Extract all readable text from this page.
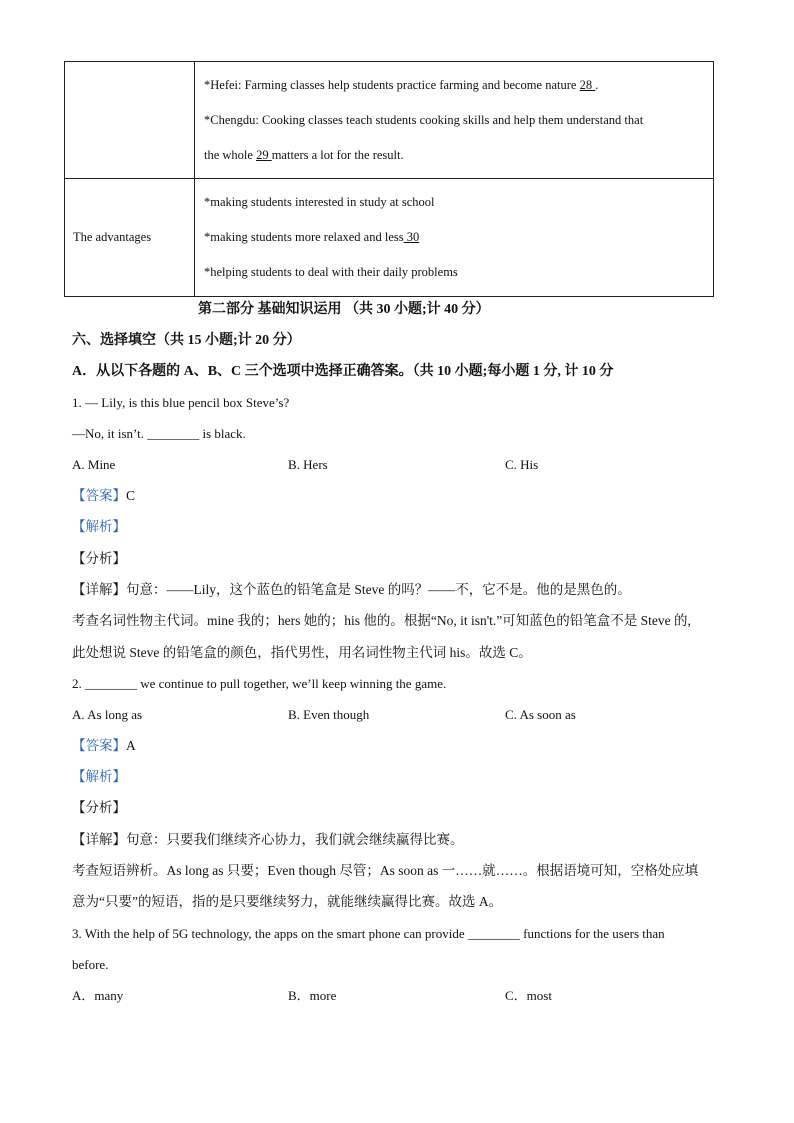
	*Hefei: Farming classes help students practice farming and become nature 28 .
*Chengdu: Cooking classes teach students cooking skills and help them understand that
the whole 29 matters a lot for the result.

The advantages	*making students interested in study at school
*making students more relaxed and less 30
*helping students to deal with their daily problems
第二部分 基础知识运用 （共 30 小题;计 40 分）
六、选择填空（共 15 小题;计 20 分）
A．从以下各题的 A、B、C 三个选项中选择正确答案。（共 10 小题;每小题 1 分, 计 10 分
1. — Lily, is this blue pencil box Steve’s?
—No, it isn’t. ________ is black.
A. Mine	B. Hers	C. His
【答案】C
【解析】
【分析】
【详解】句意：——Lily，这个蓝色的铅笔盒是 Steve 的吗？——不，它不是。他的是黑色的。
考查名词性物主代词。mine 我的；hers 她的；his 他的。根据“No, it isn't.”可知蓝色的铅笔盒不是 Steve 的,
此处想说 Steve 的铅笔盒的颜色，指代男性，用名词性物主代词 his。故选 C。
2. ________ we continue to pull together, we’ll keep winning the game.
A. As long as	B. Even though	C. As soon as
【答案】A
【解析】
【分析】
【详解】句意：只要我们继续齐心协力，我们就会继续赢得比赛。
考查短语辨析。As long as 只要；Even though 尽管；As soon as 一……就……。根据语境可知，空格处应填
意为“只要”的短语，指的是只要继续努力，就能继续赢得比赛。故选 A。
3. With the help of 5G technology, the apps on the smart phone can provide ________ functions for the users than
before.
A．many	B．more	C．most
